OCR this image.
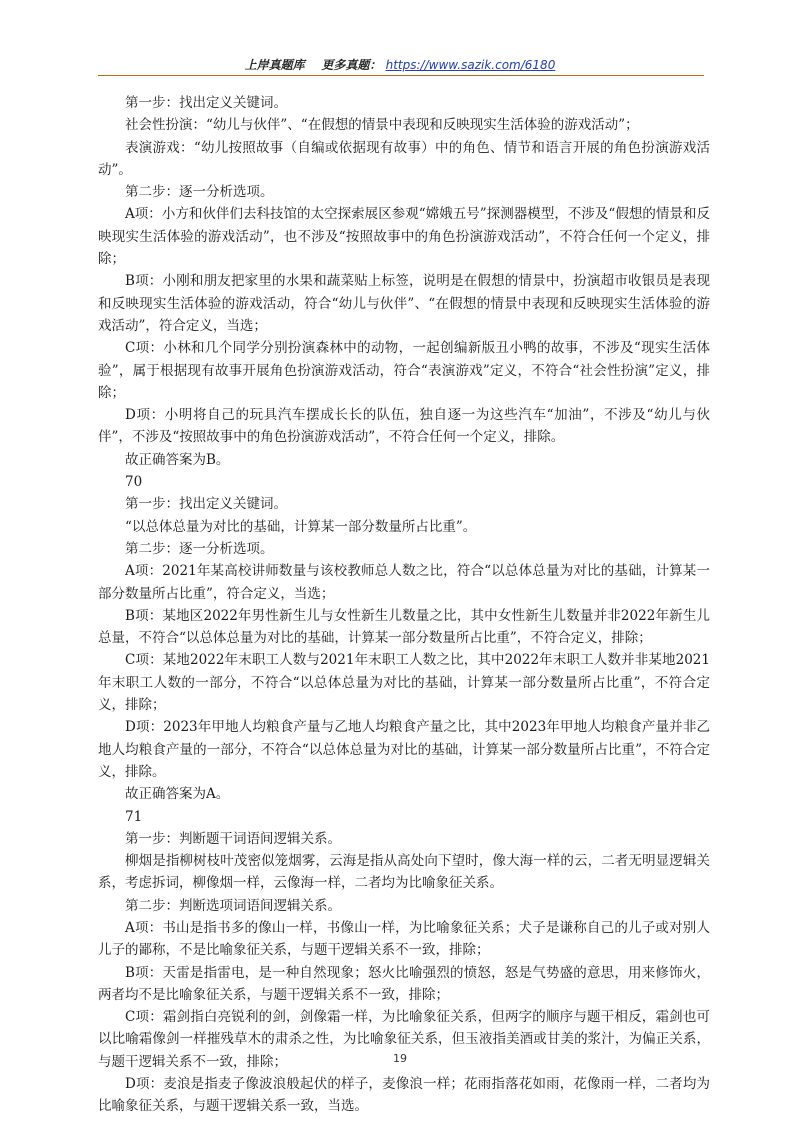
上岸真题库 更多真题： https://www.sazik.com/6180

第一步：找出定义关键词。

社会性扮演：“幼儿与伙伴”、“在假想的情景中表现和反映现实生活体验的游戏活动”；

表演游戏：“幼儿按照故事（自编或依据现有故事）中的角色、情节和语言开展的角色扮演游戏活动”。

第二步：逐一分析选项。

A项：小方和伙伴们去科技馆的太空探索展区参观“嫦娥五号”探测器模型，不涉及“假想的情景和反映现实生活体验的游戏活动”，也不涉及“按照故事中的角色扮演游戏活动”，不符合任何一个定义，排除；

B项：小刚和朋友把家里的水果和蔬菜贴上标签，说明是在假想的情景中，扮演超市收银员是表现和反映现实生活体验的游戏活动，符合“幼儿与伙伴”、“在假想的情景中表现和反映现实生活体验的游戏活动”，符合定义，当选；

C项：小林和几个同学分别扮演森林中的动物，一起创编新版丑小鸭的故事，不涉及“现实生活体验”，属于根据现有故事开展角色扮演游戏活动，符合“表演游戏”定义，不符合“社会性扮演”定义，排除；

D项：小明将自己的玩具汽车摆成长长的队伍，独自逐一为这些汽车“加油”，不涉及“幼儿与伙伴”，不涉及“按照故事中的角色扮演游戏活动”，不符合任何一个定义，排除。

故正确答案为B。

70

第一步：找出定义关键词。

“以总体总量为对比的基础，计算某一部分数量所占比重”。

第二步：逐一分析选项。

A项：2021年某高校讲师数量与该校教师总人数之比，符合“以总体总量为对比的基础，计算某一部分数量所占比重”，符合定义，当选；

B项：某地区2022年男性新生儿与女性新生儿数量之比，其中女性新生儿数量并非2022年新生儿总量，不符合“以总体总量为对比的基础，计算某一部分数量所占比重”，不符合定义，排除；

C项：某地2022年末职工人数与2021年末职工人数之比，其中2022年末职工人数并非某地2021年末职工人数的一部分，不符合“以总体总量为对比的基础，计算某一部分数量所占比重”，不符合定义，排除；

D项：2023年甲地人均粮食产量与乙地人均粮食产量之比，其中2023年甲地人均粮食产量并非乙地人均粮食产量的一部分，不符合“以总体总量为对比的基础，计算某一部分数量所占比重”，不符合定义，排除。

故正确答案为A。

71

第一步：判断题干词语间逻辑关系。

柳烟是指柳树枝叶茂密似笼烟雾，云海是指从高处向下望时，像大海一样的云，二者无明显逻辑关系，考虑拆词，柳像烟一样，云像海一样，二者均为比喻象征关系。

第二步：判断选项词语间逻辑关系。

A项：书山是指书多的像山一样，书像山一样，为比喻象征关系；犬子是谦称自己的儿子或对别人儿子的鄙称，不是比喻象征关系，与题干逻辑关系不一致，排除；

B项：天雷是指雷电，是一种自然现象；怒火比喻强烈的愤怒，怒是气势盛的意思，用来修饰火，两者均不是比喻象征关系，与题干逻辑关系不一致，排除；

C项：霜剑指白亮锐利的剑，剑像霜一样，为比喻象征关系，但两字的顺序与题干相反，霜剑也可以比喻霜像剑一样摧残草木的肃杀之性，为比喻象征关系，但玉液指美酒或甘美的浆汁，为偏正关系，与题干逻辑关系不一致，排除；

D项：麦浪是指麦子像波浪般起伏的样子，麦像浪一样；花雨指落花如雨，花像雨一样，二者均为比喻象征关系，与题干逻辑关系一致，当选。

19
